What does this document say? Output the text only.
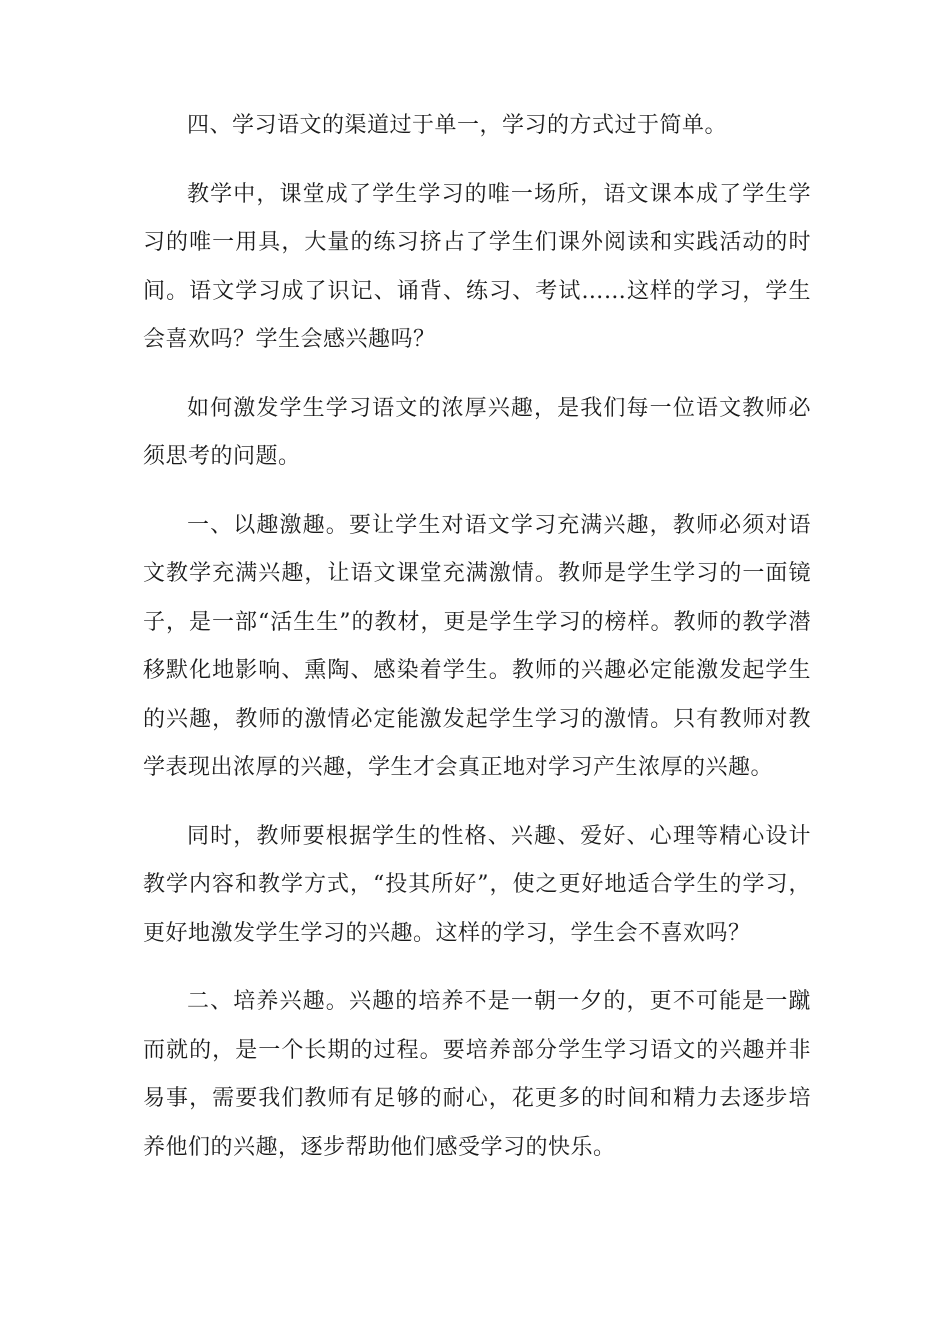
四、学习语文的渠道过于单一，学习的方式过于简单。

教学中，课堂成了学生学习的唯一场所，语文课本成了学生学习的唯一用具，大量的练习挤占了学生们课外阅读和实践活动的时间。语文学习成了识记、诵背、练习、考试……这样的学习，学生会喜欢吗？学生会感兴趣吗？

如何激发学生学习语文的浓厚兴趣，是我们每一位语文教师必须思考的问题。

一、以趣激趣。要让学生对语文学习充满兴趣，教师必须对语文教学充满兴趣，让语文课堂充满激情。教师是学生学习的一面镜子，是一部“活生生”的教材，更是学生学习的榜样。教师的教学潜移默化地影响、熏陶、感染着学生。教师的兴趣必定能激发起学生的兴趣，教师的激情必定能激发起学生学习的激情。只有教师对教学表现出浓厚的兴趣，学生才会真正地对学习产生浓厚的兴趣。

同时，教师要根据学生的性格、兴趣、爱好、心理等精心设计教学内容和教学方式，“投其所好”，使之更好地适合学生的学习，更好地激发学生学习的兴趣。这样的学习，学生会不喜欢吗？

二、培养兴趣。兴趣的培养不是一朝一夕的，更不可能是一蹴而就的，是一个长期的过程。要培养部分学生学习语文的兴趣并非易事，需要我们教师有足够的耐心，花更多的时间和精力去逐步培养他们的兴趣，逐步帮助他们感受学习的快乐。
